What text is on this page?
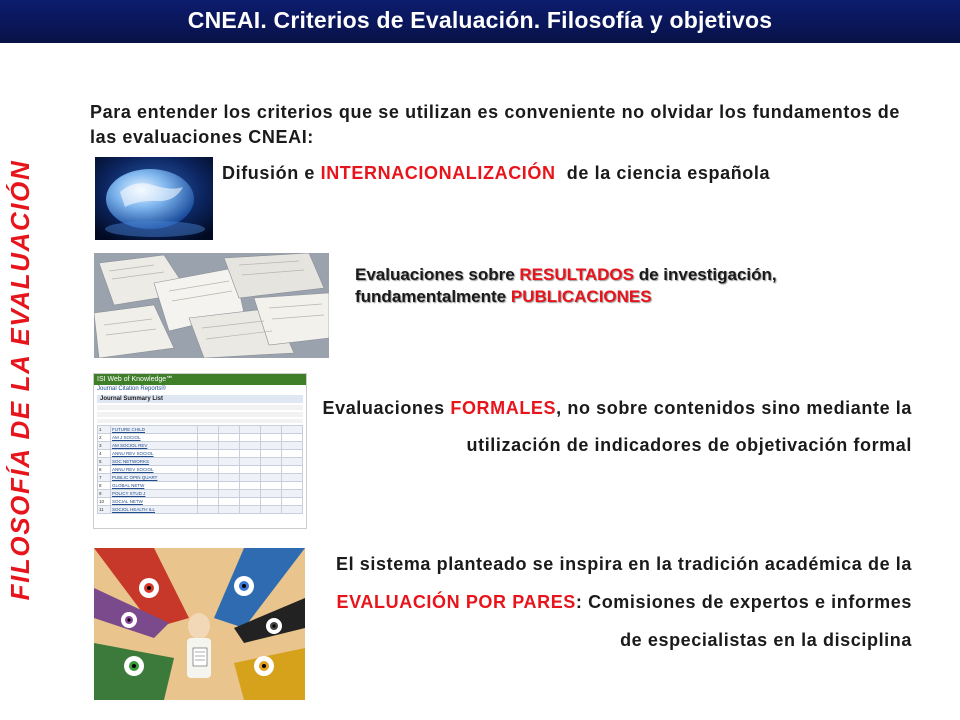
CNEAI. Criterios de Evaluación. Filosofía y objetivos
FILOSOFÍA DE LA EVALUACIÓN
Para entender los criterios que se utilizan es conveniente no olvidar los fundamentos de las evaluaciones CNEAI:
Difusión e INTERNACIONALIZACIÓN  de la ciencia española
Evaluaciones sobre RESULTADOS de investigación, fundamentalmente PUBLICACIONES
ISI Web of Knowledge℠
Journal Citation Reports®
Journal Summary List
1	FUTURE CHILD					
2	AM J SOCIOL					
3	AM SOCIOL REV					
4	ANNU REV SOCIOL					
5	SOC NETWORKS					
6	ANNU REV SOCIOL					
7	PUBLIC OPIN QUART					
8	GLOBAL NETW					
9	POLICY STUD J					
10	SOCIAL NETW					
11	SOCIOL HEALTH ILL					
Evaluaciones FORMALES, no sobre contenidos sino mediante la utilización de indicadores de objetivación formal
El sistema planteado se inspira en la tradición académica de la EVALUACIÓN POR PARES: Comisiones de expertos e informes de especialistas en la disciplina
